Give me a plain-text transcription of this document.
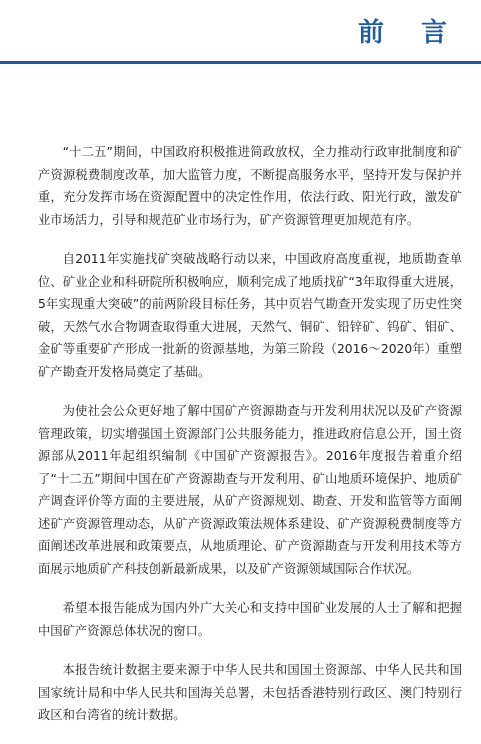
前 言

“十二五”期间，中国政府积极推进简政放权，全力推动行政审批制度和矿产资源税费制度改革，加大监管力度，不断提高服务水平，坚持开发与保护并重，充分发挥市场在资源配置中的决定性作用，依法行政、阳光行政，激发矿业市场活力，引导和规范矿业市场行为，矿产资源管理更加规范有序。

自2011年实施找矿突破战略行动以来，中国政府高度重视，地质勘查单位、矿业企业和科研院所积极响应，顺利完成了地质找矿“3年取得重大进展，5年实现重大突破”的前两阶段目标任务，其中页岩气勘查开发实现了历史性突破，天然气水合物调查取得重大进展，天然气、铜矿、铅锌矿、钨矿、钼矿、金矿等重要矿产形成一批新的资源基地，为第三阶段（2016～2020年）重塑矿产勘查开发格局奠定了基础。

为使社会公众更好地了解中国矿产资源勘查与开发利用状况以及矿产资源管理政策，切实增强国土资源部门公共服务能力，推进政府信息公开，国土资源部从2011年起组织编制《中国矿产资源报告》。2016年度报告着重介绍了“十二五”期间中国在矿产资源勘查与开发利用、矿山地质环境保护、地质矿产调查评价等方面的主要进展，从矿产资源规划、勘查、开发和监管等方面阐述矿产资源管理动态，从矿产资源政策法规体系建设、矿产资源税费制度等方面阐述改革进展和政策要点，从地质理论、矿产资源勘查与开发利用技术等方面展示地质矿产科技创新最新成果，以及矿产资源领域国际合作状况。

希望本报告能成为国内外广大关心和支持中国矿业发展的人士了解和把握中国矿产资源总体状况的窗口。

本报告统计数据主要来源于中华人民共和国国土资源部、中华人民共和国国家统计局和中华人民共和国海关总署，未包括香港特别行政区、澳门特别行政区和台湾省的统计数据。
